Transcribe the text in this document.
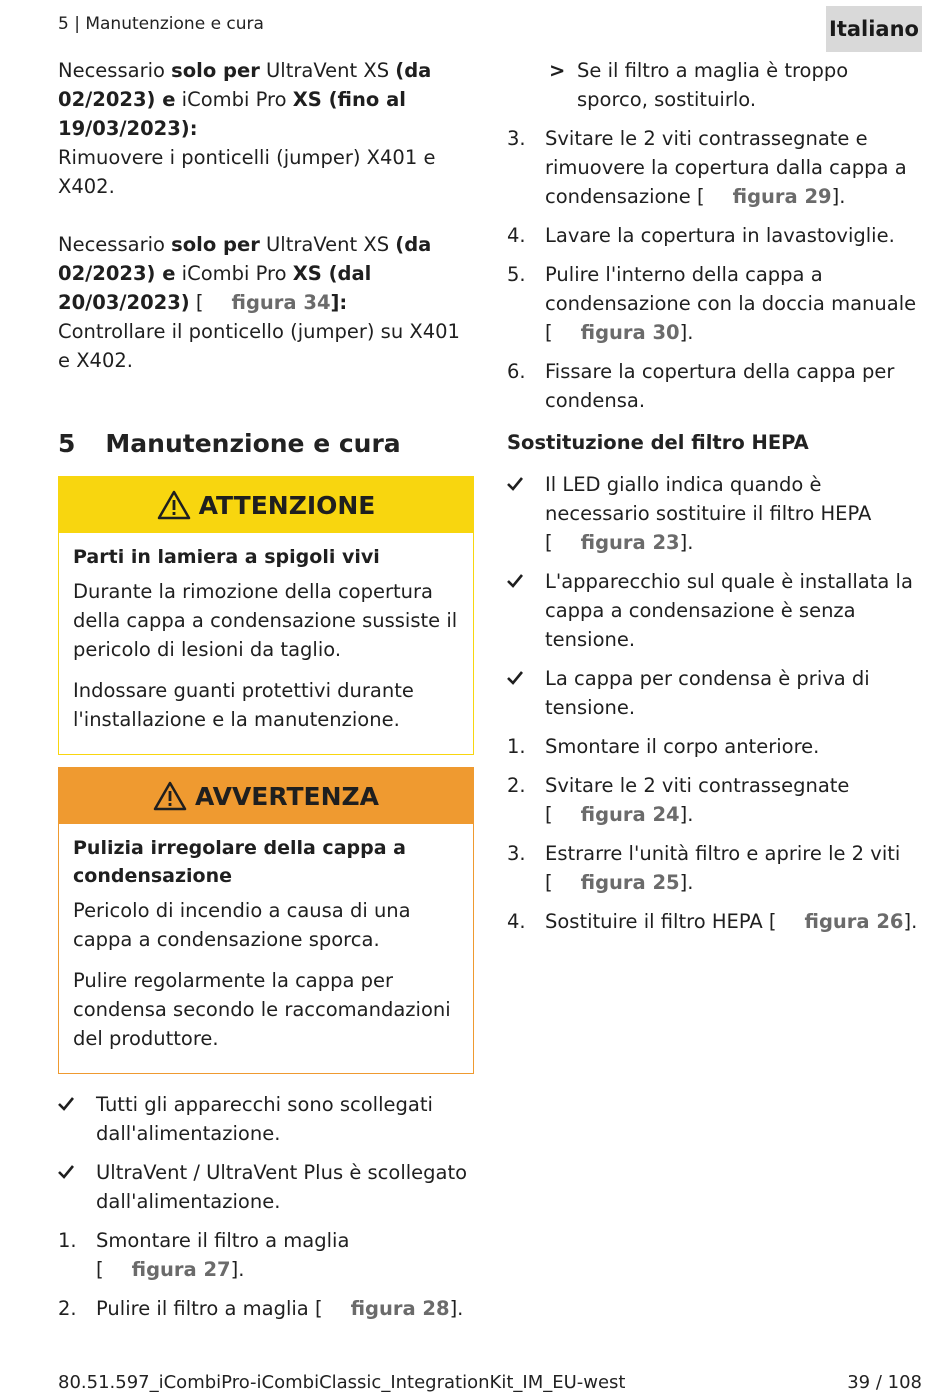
5 | Manutenzione e cura	Italiano

Necessario solo per UltraVent XS (da 02/2023) e iCombi Pro XS (fino al 19/03/2023):
Rimuovere i ponticelli (jumper) X401 e X402.

Necessario solo per UltraVent XS (da 02/2023) e iCombi Pro XS (dal 20/03/2023) [ figura 34]:
Controllare il ponticello (jumper) su X401 e X402.

5 Manutenzione e cura
ATTENZIONE
Parti in lamiera a spigoli vivi

Durante la rimozione della copertura della cappa a condensazione sussiste il pericolo di lesioni da taglio.

Indossare guanti protettivi durante l'installazione e la manutenzione.

AVVERTENZA
Pulizia irregolare della cappa a condensazione

Pericolo di incendio a causa di una cappa a condensazione sporca.

Pulire regolarmente la cappa per condensa secondo le raccomandazioni del produttore.

Tutti gli apparecchi sono scollegati dall'alimentazione.
UltraVent / UltraVent Plus è scollegato dall'alimentazione.
1. Smontare il filtro a maglia
[ figura 27].
2. Pulire il filtro a maglia [ figura 28].
> Se il filtro a maglia è troppo sporco, sostituirlo.
3. Svitare le 2 viti contrassegnate e rimuovere la copertura dalla cappa a condensazione [ figura 29].
4. Lavare la copertura in lavastoviglie.
5. Pulire l'interno della cappa a condensazione con la doccia manuale
[ figura 30].
6. Fissare la copertura della cappa per condensa.
Sostituzione del filtro HEPA
Il LED giallo indica quando è necessario sostituire il filtro HEPA
[ figura 23].
L'apparecchio sul quale è installata la cappa a condensazione è senza tensione.
La cappa per condensa è priva di tensione.
1. Smontare il corpo anteriore.
2. Svitare le 2 viti contrassegnate
[ figura 24].
3. Estrarre l'unità filtro e aprire le 2 viti
[ figura 25].
4. Sostituire il filtro HEPA [ figura 26].
80.51.597_iCombiPro-iCombiClassic_IntegrationKit_IM_EU-west	39 / 108
